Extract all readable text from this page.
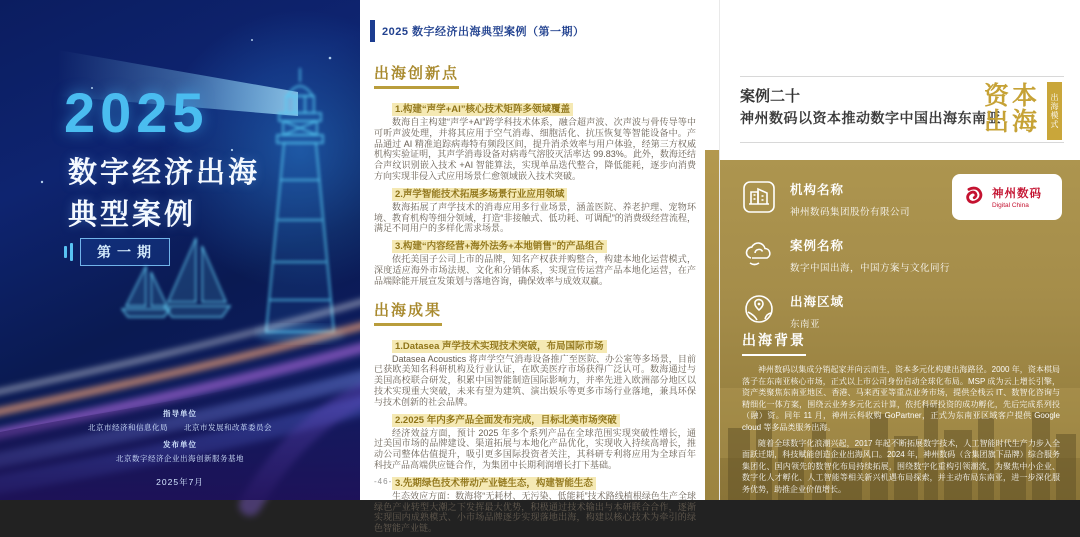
2025
数字经济出海
典型案例
第一期
指导单位
北京市经济和信息化局　　北京市发展和改革委员会
发布单位
北京数字经济企业出海创新服务基地
2025年7月
2025 数字经济出海典型案例（第一期）
出海创新点
1.构建“声学+AI”核心技术矩阵多领域覆盖

数海自主构建“声学+AI”跨学科技术体系，融合超声波、次声波与骨传导等中可听声波处理，并将其应用于空气消毒、细胞活化、抗压恢复等智能设备中。产品通过 AI 精准追踪病毒特有频段区间，提升消杀效率与用户体验，经第三方权威机构实验证明，其声学消毒设备对病毒气溶胶灭活率达 99.83%。此外，数海还结合声纹识别嵌入技术 +AI 智能算法，实现单品迭代整合，降低能耗，逐步向消费方向实现非侵入式应用场景仁愈领域嵌入技术突破。

2.声学智能技术拓展多场景行业应用领域

数海拓展了声学技术的消毒应用多行业场景，涵盖医院、养老护理、宠物环境、教育机构等细分领域，打造“非接触式、低功耗、可调配”的消费级经营流程，满足不同用户的多样化需求场景。

3.构建“内容经营+海外法务+本地销售”的产品组合

依托美国子公司上市的品牌，知名产权获并购整合，构建本地化运营模式，深度适应海外市场法规、文化和分销体系，实现宣传运营产品本地化运营，在产品端除能开展宣发策划与落地咨询，确保效率与成效双赢。

出海成果
1.Datasea 声学技术实现技术突破，布局国际市场

Datasea Acoustics 将声学空气消毒设备推广至医院、办公室等多场景，目前已获欧美知名科研机构及行业认证，在欧美医疗市场获得广泛认可。数海通过与美国高校联合研发，积累中国智能制造国际影响力，并率先进入欧洲部分地区以技术实现重大突破，未来有望为建筑、演出娱乐等更多市场行业落地，兼具环保与技术创新的社会品牌。

2.2025 年内多产品全面发布完成，目标北美市场突破

经济效益方面，预计 2025 年多个系列产品在全球范围实现突破性增长，通过美国市场的品牌建设、渠道拓展与本地化产品优化，实现收入持续高增长，推动公司整体估值提升，吸引更多国际投资者关注，其科研专利将应用为全球百年科技产品高端供应链合作，为集团中长期利润增长打下基础。

3.先期绿色技术带动产业链生态，构建智能生态

生态效应方面：数海将“无耗材、无污染、低能耗”技术路线植根绿色生产全球绿色产业转型大潮之下发挥最大优势，积极通过技术输出与本研联合合作，逐渐实现国内成熟模式、小市场品牌逐步实现落地出海，构建以核心技术为牵引的绿色智能产业链。

-46-
案例二十
神州数码以资本推动数字中国出海东南亚
资本
出海	出海模式
机构名称
神州数码集团股份有限公司
神州数码
Digital China
案例名称
数字中国出海，中国方案与文化同行
出海区域
东南亚
出海背景

神州数码以集成分销起家并向云而生，资本多元化构建出海路径。2000 年，资本棋局落子在东南亚核心市场，正式以上市公司身份启动全球化布局。MSP 成为云上增长引擎，资产类聚焦东南亚地区、香港、马来西亚等重点业务市场，提供全栈云 IT、数智化咨询与精细化一体方案，围绕云业务多元化云计算，依托科研投资的成功孵化，先后完成系列投（融）资。同年 11 月，神州云科收购 GoPartner，正式为东南亚区域客户提供 Google cloud 等多品类服务出海。

随着全球数字化浪潮兴起，2017 年起不断拓展数字技术，人工智能时代生产力步入全面跃迁期，科技赋能创造企业出海风口。2024 年，神州数码（含集团旗下品牌）综合服务集团化、国内领先的数智化布局持续拓展，围绕数字化重构引领潮流，为聚焦中小企业、数字化人才孵化、人工智能等相关新兴机遇布局探索，并主动布局东南亚，进一步深化服务优势，助推企业价值增长。
